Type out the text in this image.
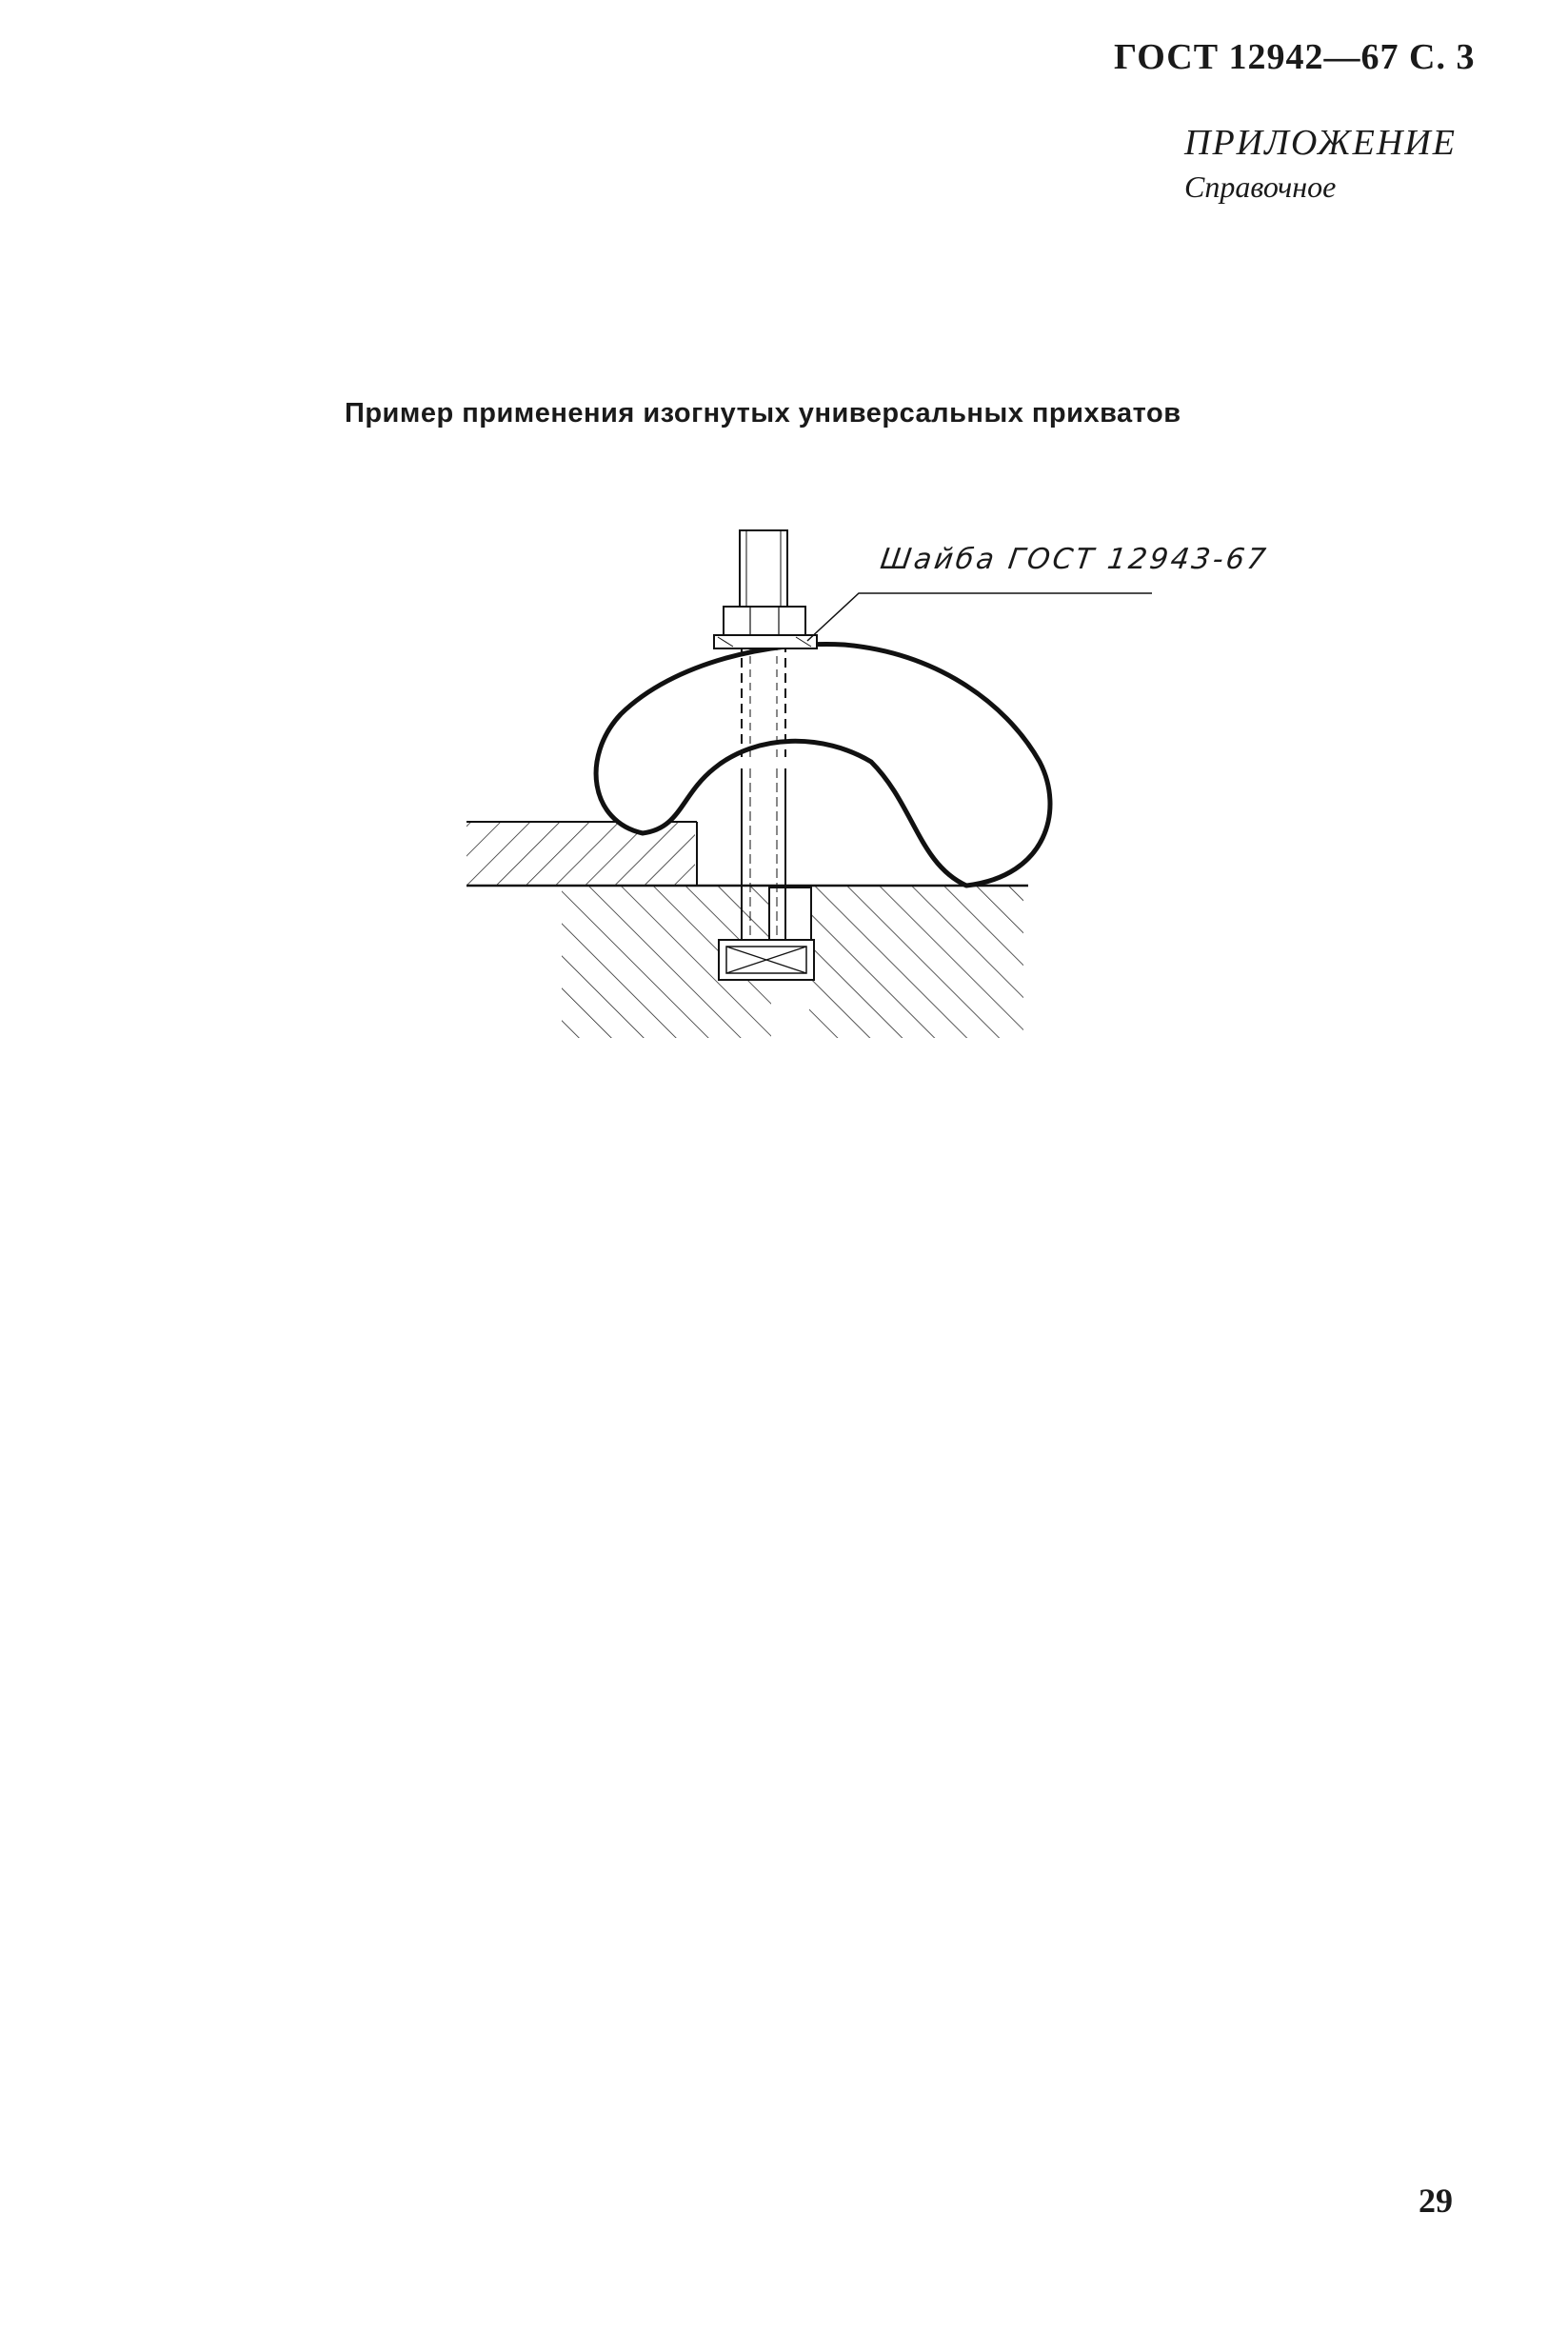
ГОСТ 12942—67 С. 3
ПРИЛОЖЕНИЕ
Справочное
Пример применения изогнутых универсальных прихватов
Шайба ГОСТ 12943-67
29
